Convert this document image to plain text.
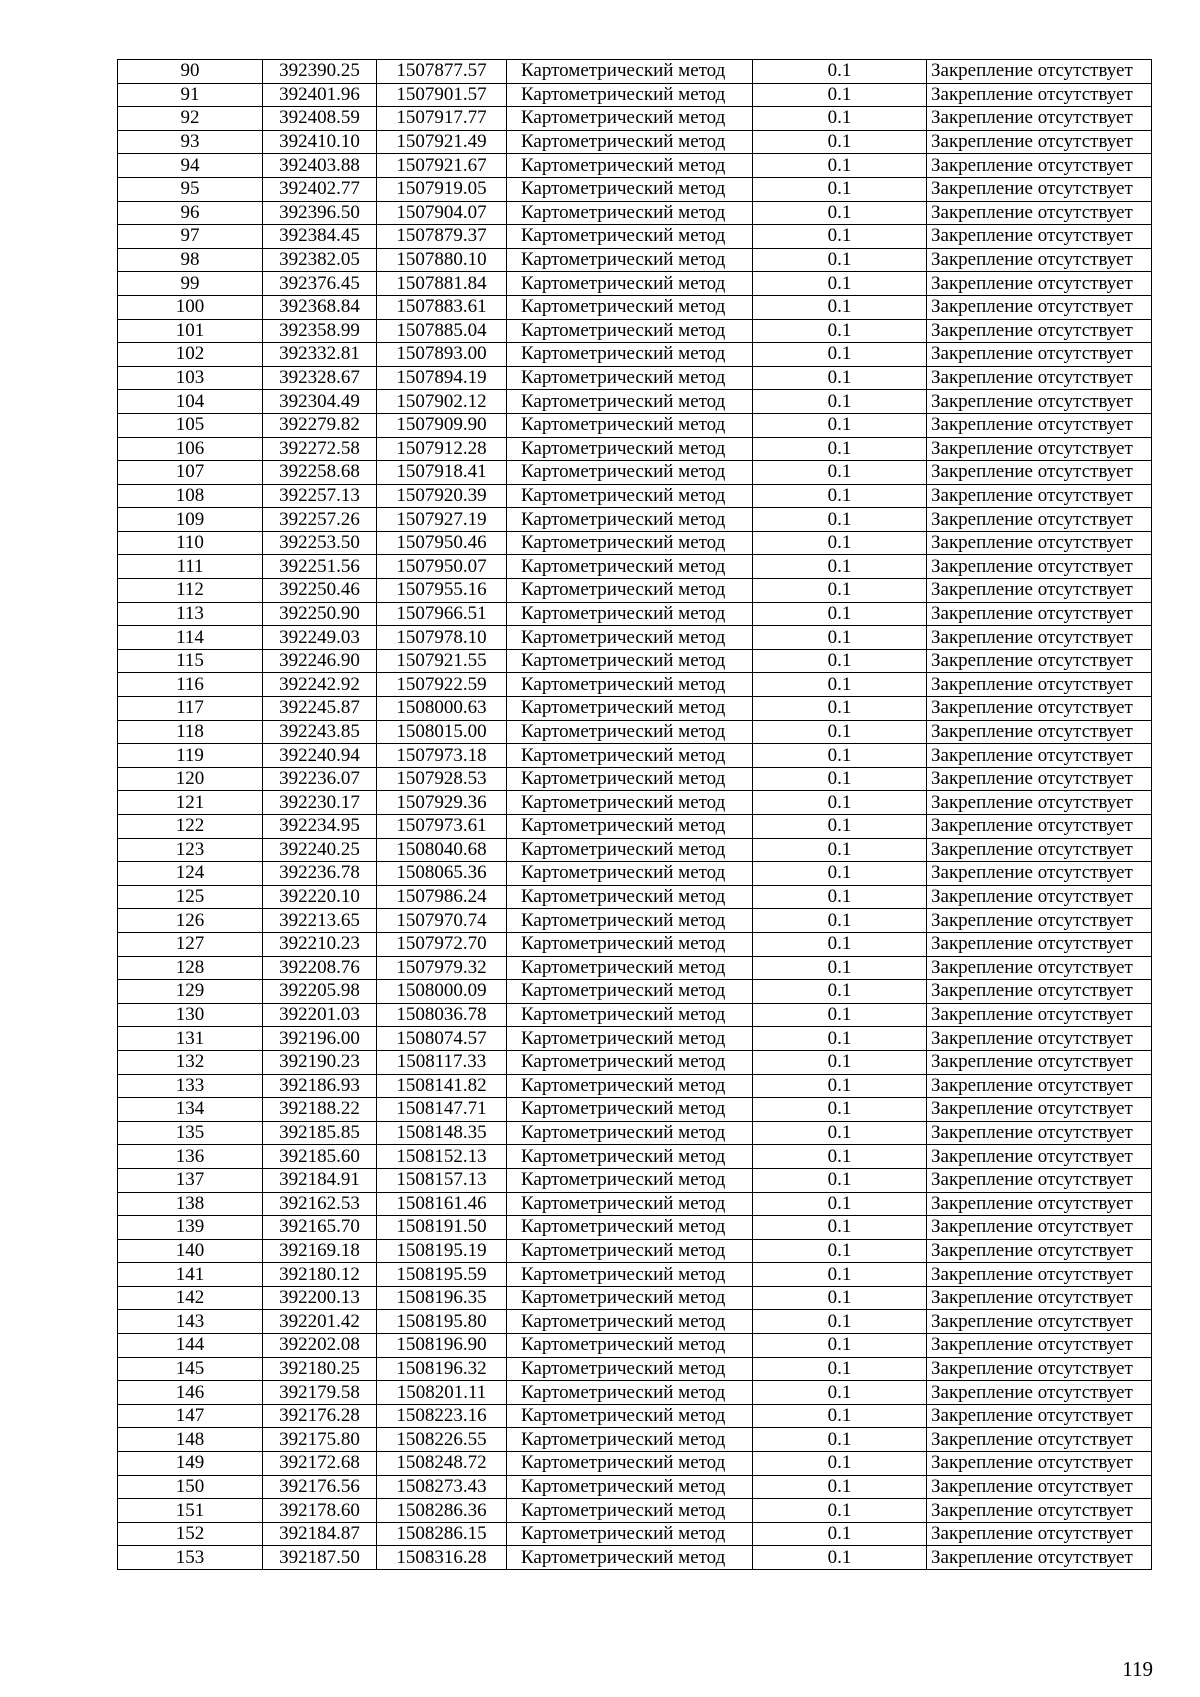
90	392390.25	1507877.57	Картометрический метод	0.1	Закрепление отсутствует
91	392401.96	1507901.57	Картометрический метод	0.1	Закрепление отсутствует
92	392408.59	1507917.77	Картометрический метод	0.1	Закрепление отсутствует
93	392410.10	1507921.49	Картометрический метод	0.1	Закрепление отсутствует
94	392403.88	1507921.67	Картометрический метод	0.1	Закрепление отсутствует
95	392402.77	1507919.05	Картометрический метод	0.1	Закрепление отсутствует
96	392396.50	1507904.07	Картометрический метод	0.1	Закрепление отсутствует
97	392384.45	1507879.37	Картометрический метод	0.1	Закрепление отсутствует
98	392382.05	1507880.10	Картометрический метод	0.1	Закрепление отсутствует
99	392376.45	1507881.84	Картометрический метод	0.1	Закрепление отсутствует
100	392368.84	1507883.61	Картометрический метод	0.1	Закрепление отсутствует
101	392358.99	1507885.04	Картометрический метод	0.1	Закрепление отсутствует
102	392332.81	1507893.00	Картометрический метод	0.1	Закрепление отсутствует
103	392328.67	1507894.19	Картометрический метод	0.1	Закрепление отсутствует
104	392304.49	1507902.12	Картометрический метод	0.1	Закрепление отсутствует
105	392279.82	1507909.90	Картометрический метод	0.1	Закрепление отсутствует
106	392272.58	1507912.28	Картометрический метод	0.1	Закрепление отсутствует
107	392258.68	1507918.41	Картометрический метод	0.1	Закрепление отсутствует
108	392257.13	1507920.39	Картометрический метод	0.1	Закрепление отсутствует
109	392257.26	1507927.19	Картометрический метод	0.1	Закрепление отсутствует
110	392253.50	1507950.46	Картометрический метод	0.1	Закрепление отсутствует
111	392251.56	1507950.07	Картометрический метод	0.1	Закрепление отсутствует
112	392250.46	1507955.16	Картометрический метод	0.1	Закрепление отсутствует
113	392250.90	1507966.51	Картометрический метод	0.1	Закрепление отсутствует
114	392249.03	1507978.10	Картометрический метод	0.1	Закрепление отсутствует
115	392246.90	1507921.55	Картометрический метод	0.1	Закрепление отсутствует
116	392242.92	1507922.59	Картометрический метод	0.1	Закрепление отсутствует
117	392245.87	1508000.63	Картометрический метод	0.1	Закрепление отсутствует
118	392243.85	1508015.00	Картометрический метод	0.1	Закрепление отсутствует
119	392240.94	1507973.18	Картометрический метод	0.1	Закрепление отсутствует
120	392236.07	1507928.53	Картометрический метод	0.1	Закрепление отсутствует
121	392230.17	1507929.36	Картометрический метод	0.1	Закрепление отсутствует
122	392234.95	1507973.61	Картометрический метод	0.1	Закрепление отсутствует
123	392240.25	1508040.68	Картометрический метод	0.1	Закрепление отсутствует
124	392236.78	1508065.36	Картометрический метод	0.1	Закрепление отсутствует
125	392220.10	1507986.24	Картометрический метод	0.1	Закрепление отсутствует
126	392213.65	1507970.74	Картометрический метод	0.1	Закрепление отсутствует
127	392210.23	1507972.70	Картометрический метод	0.1	Закрепление отсутствует
128	392208.76	1507979.32	Картометрический метод	0.1	Закрепление отсутствует
129	392205.98	1508000.09	Картометрический метод	0.1	Закрепление отсутствует
130	392201.03	1508036.78	Картометрический метод	0.1	Закрепление отсутствует
131	392196.00	1508074.57	Картометрический метод	0.1	Закрепление отсутствует
132	392190.23	1508117.33	Картометрический метод	0.1	Закрепление отсутствует
133	392186.93	1508141.82	Картометрический метод	0.1	Закрепление отсутствует
134	392188.22	1508147.71	Картометрический метод	0.1	Закрепление отсутствует
135	392185.85	1508148.35	Картометрический метод	0.1	Закрепление отсутствует
136	392185.60	1508152.13	Картометрический метод	0.1	Закрепление отсутствует
137	392184.91	1508157.13	Картометрический метод	0.1	Закрепление отсутствует
138	392162.53	1508161.46	Картометрический метод	0.1	Закрепление отсутствует
139	392165.70	1508191.50	Картометрический метод	0.1	Закрепление отсутствует
140	392169.18	1508195.19	Картометрический метод	0.1	Закрепление отсутствует
141	392180.12	1508195.59	Картометрический метод	0.1	Закрепление отсутствует
142	392200.13	1508196.35	Картометрический метод	0.1	Закрепление отсутствует
143	392201.42	1508195.80	Картометрический метод	0.1	Закрепление отсутствует
144	392202.08	1508196.90	Картометрический метод	0.1	Закрепление отсутствует
145	392180.25	1508196.32	Картометрический метод	0.1	Закрепление отсутствует
146	392179.58	1508201.11	Картометрический метод	0.1	Закрепление отсутствует
147	392176.28	1508223.16	Картометрический метод	0.1	Закрепление отсутствует
148	392175.80	1508226.55	Картометрический метод	0.1	Закрепление отсутствует
149	392172.68	1508248.72	Картометрический метод	0.1	Закрепление отсутствует
150	392176.56	1508273.43	Картометрический метод	0.1	Закрепление отсутствует
151	392178.60	1508286.36	Картометрический метод	0.1	Закрепление отсутствует
152	392184.87	1508286.15	Картометрический метод	0.1	Закрепление отсутствует
153	392187.50	1508316.28	Картометрический метод	0.1	Закрепление отсутствует
119
